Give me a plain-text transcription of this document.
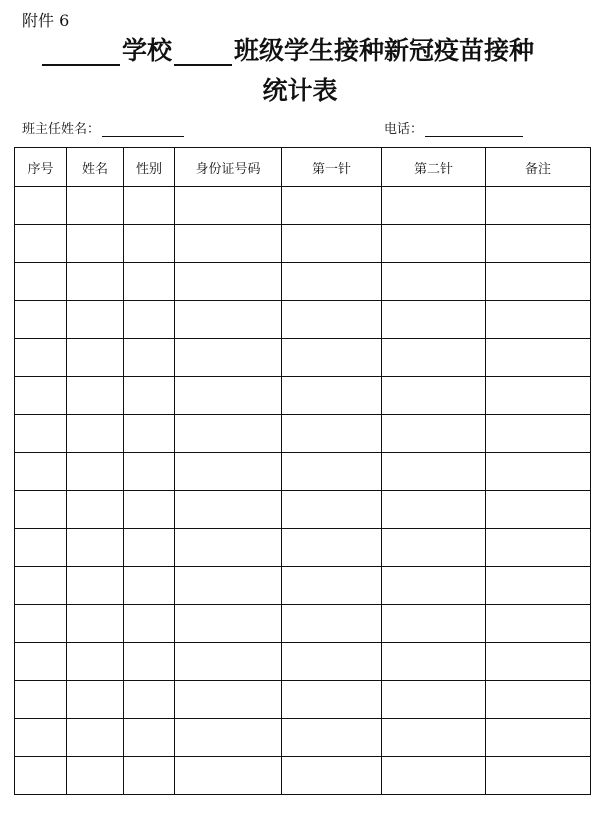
附件 6
学校 班级学生接种新冠疫苗接种
统计表
班主任姓名：	电话：
序号	姓名	性别	身份证号码	第一针	第二针	备注
